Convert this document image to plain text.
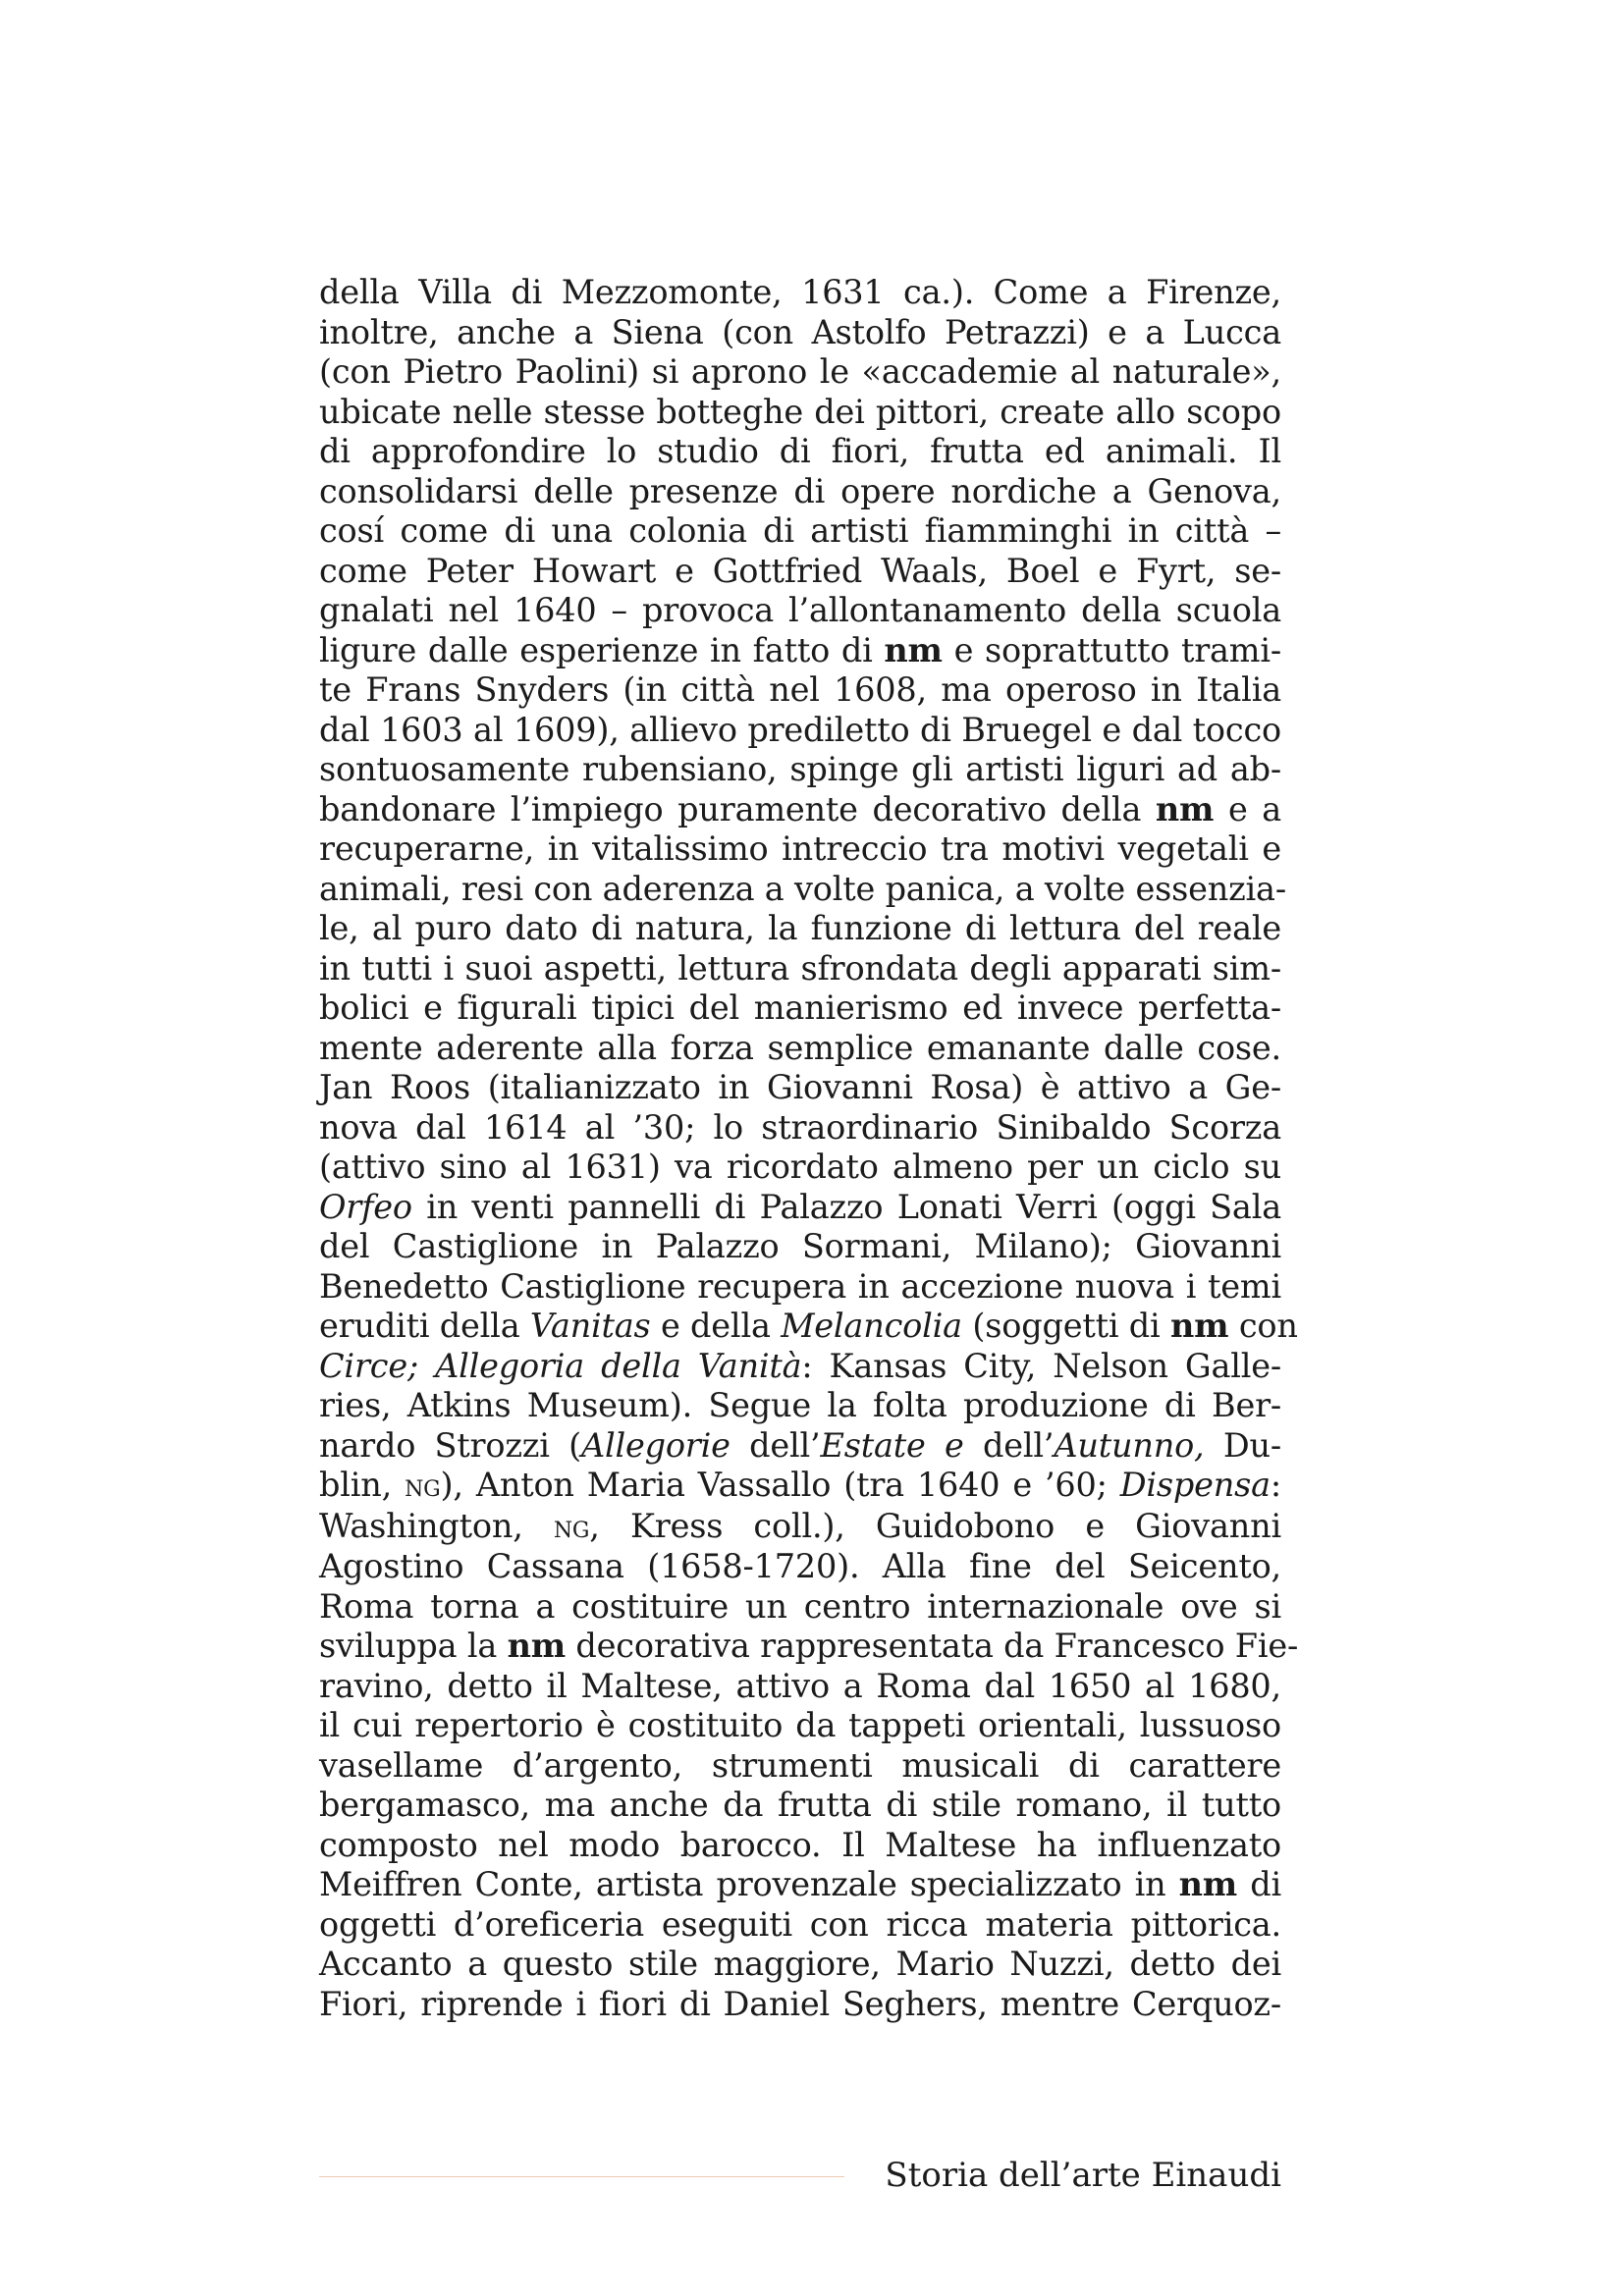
della Villa di Mezzomonte, 1631 ca.). Come a Firenze,
inoltre, anche a Siena (con Astolfo Petrazzi) e a Lucca
(con Pietro Paolini) si aprono le «accademie al naturale»,
ubicate nelle stesse botteghe dei pittori, create allo scopo
di approfondire lo studio di fiori, frutta ed animali. Il
consolidarsi delle presenze di opere nordiche a Genova,
cosí come di una colonia di artisti fiamminghi in città –
come Peter Howart e Gottfried Waals, Boel e Fyrt, se-
gnalati nel 1640 – provoca l’allontanamento della scuola
ligure dalle esperienze in fatto di nm e soprattutto trami-
te Frans Snyders (in città nel 1608, ma operoso in Italia
dal 1603 al 1609), allievo prediletto di Bruegel e dal tocco
sontuosamente rubensiano, spinge gli artisti liguri ad ab-
bandonare l’impiego puramente decorativo della nm e a
recuperarne, in vitalissimo intreccio tra motivi vegetali e
animali, resi con aderenza a volte panica, a volte essenzia-
le, al puro dato di natura, la funzione di lettura del reale
in tutti i suoi aspetti, lettura sfrondata degli apparati sim-
bolici e figurali tipici del manierismo ed invece perfetta-
mente aderente alla forza semplice emanante dalle cose.
Jan Roos (italianizzato in Giovanni Rosa) è attivo a Ge-
nova dal 1614 al ’30; lo straordinario Sinibaldo Scorza
(attivo sino al 1631) va ricordato almeno per un ciclo su
Orfeo in venti pannelli di Palazzo Lonati Verri (oggi Sala
del Castiglione in Palazzo Sormani, Milano); Giovanni
Benedetto Castiglione recupera in accezione nuova i temi
eruditi della Vanitas e della Melancolia (soggetti di nm con
Circe; Allegoria della Vanità: Kansas City, Nelson Galle-
ries, Atkins Museum). Segue la folta produzione di Ber-
nardo Strozzi (Allegorie dell’Estate e dell’Autunno, Du-
blin, ng), Anton Maria Vassallo (tra 1640 e ’60; Dispensa:
Washington, ng, Kress coll.), Guidobono e Giovanni
Agostino Cassana (1658-1720). Alla fine del Seicento,
Roma torna a costituire un centro internazionale ove si
sviluppa la nm decorativa rappresentata da Francesco Fie-
ravino, detto il Maltese, attivo a Roma dal 1650 al 1680,
il cui repertorio è costituito da tappeti orientali, lussuoso
vasellame d’argento, strumenti musicali di carattere
bergamasco, ma anche da frutta di stile romano, il tutto
composto nel modo barocco. Il Maltese ha influenzato
Meiffren Conte, artista provenzale specializzato in nm di
oggetti d’oreficeria eseguiti con ricca materia pittorica.
Accanto a questo stile maggiore, Mario Nuzzi, detto dei
Fiori, riprende i fiori di Daniel Seghers, mentre Cerquoz-
Storia dell’arte Einaudi
